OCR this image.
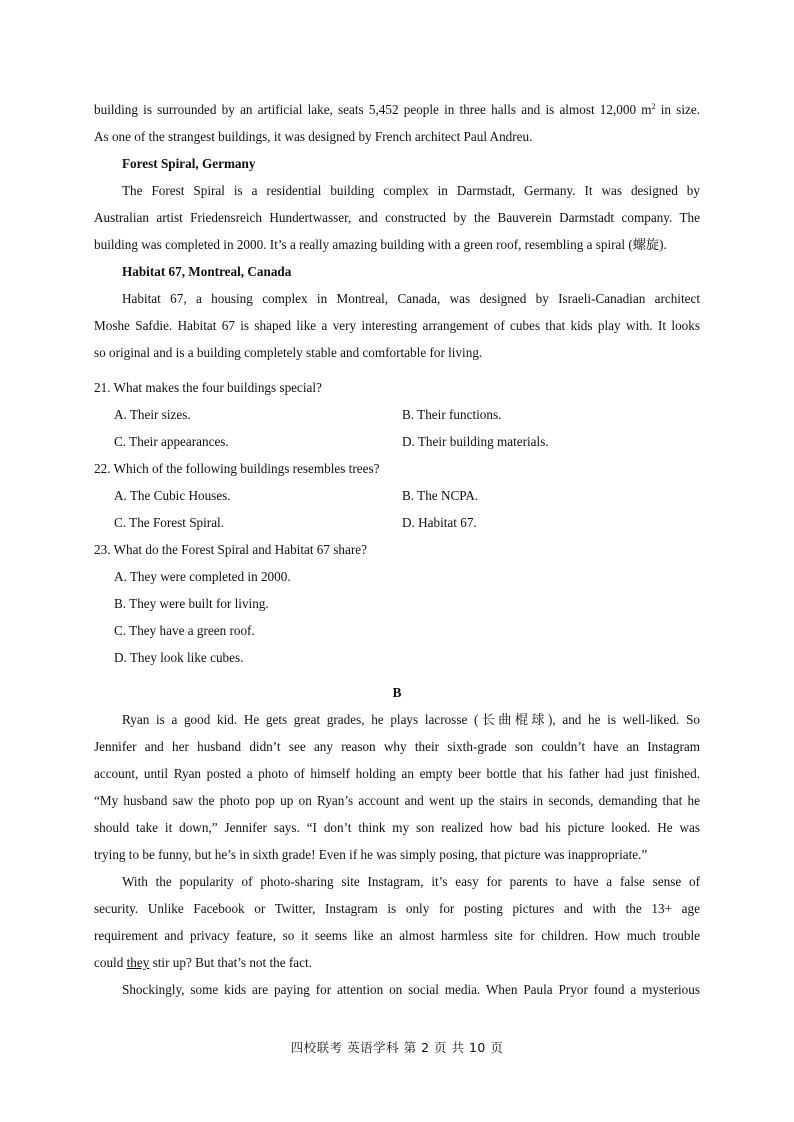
building is surrounded by an artificial lake, seats 5,452 people in three halls and is almost 12,000 $m^2$ in size.
As one of the strangest buildings, it was designed by French architect Paul Andreu.
Forest Spiral, Germany
The Forest Spiral is a residential building complex in Darmstadt, Germany. It was designed by
Australian artist Friedensreich Hundertwasser, and constructed by the Bauverein Darmstadt company. The
building was completed in 2000. It’s a really amazing building with a green roof, resembling a spiral (螺旋).
Habitat 67, Montreal, Canada
Habitat 67, a housing complex in Montreal, Canada, was designed by Israeli-Canadian architect
Moshe Safdie. Habitat 67 is shaped like a very interesting arrangement of cubes that kids play with. It looks
so original and is a building completely stable and comfortable for living.
21. What makes the four buildings special?
A. Their sizes.	B. Their functions.
C. Their appearances.	D. Their building materials.
22. Which of the following buildings resembles trees?
A. The Cubic Houses.	B. The NCPA.
C. The Forest Spiral.	D. Habitat 67.
23. What do the Forest Spiral and Habitat 67 share?
A. They were completed in 2000.
B. They were built for living.
C. They have a green roof.
D. They look like cubes.
B
Ryan is a good kid. He gets great grades, he plays lacrosse (长曲棍球), and he is well-liked. So
Jennifer and her husband didn’t see any reason why their sixth-grade son couldn’t have an Instagram
account, until Ryan posted a photo of himself holding an empty beer bottle that his father had just finished.
“My husband saw the photo pop up on Ryan’s account and went up the stairs in seconds, demanding that he
should take it down,” Jennifer says. “I don’t think my son realized how bad his picture looked. He was
trying to be funny, but he’s in sixth grade! Even if he was simply posing, that picture was inappropriate.”
With the popularity of photo-sharing site Instagram, it’s easy for parents to have a false sense of
security. Unlike Facebook or Twitter, Instagram is only for posting pictures and with the 13+ age
requirement and privacy feature, so it seems like an almost harmless site for children. How much trouble
could they stir up? But that’s not the fact.
Shockingly, some kids are paying for attention on social media. When Paula Pryor found a mysterious
四校联考 英语学科 第 2 页 共 10 页
